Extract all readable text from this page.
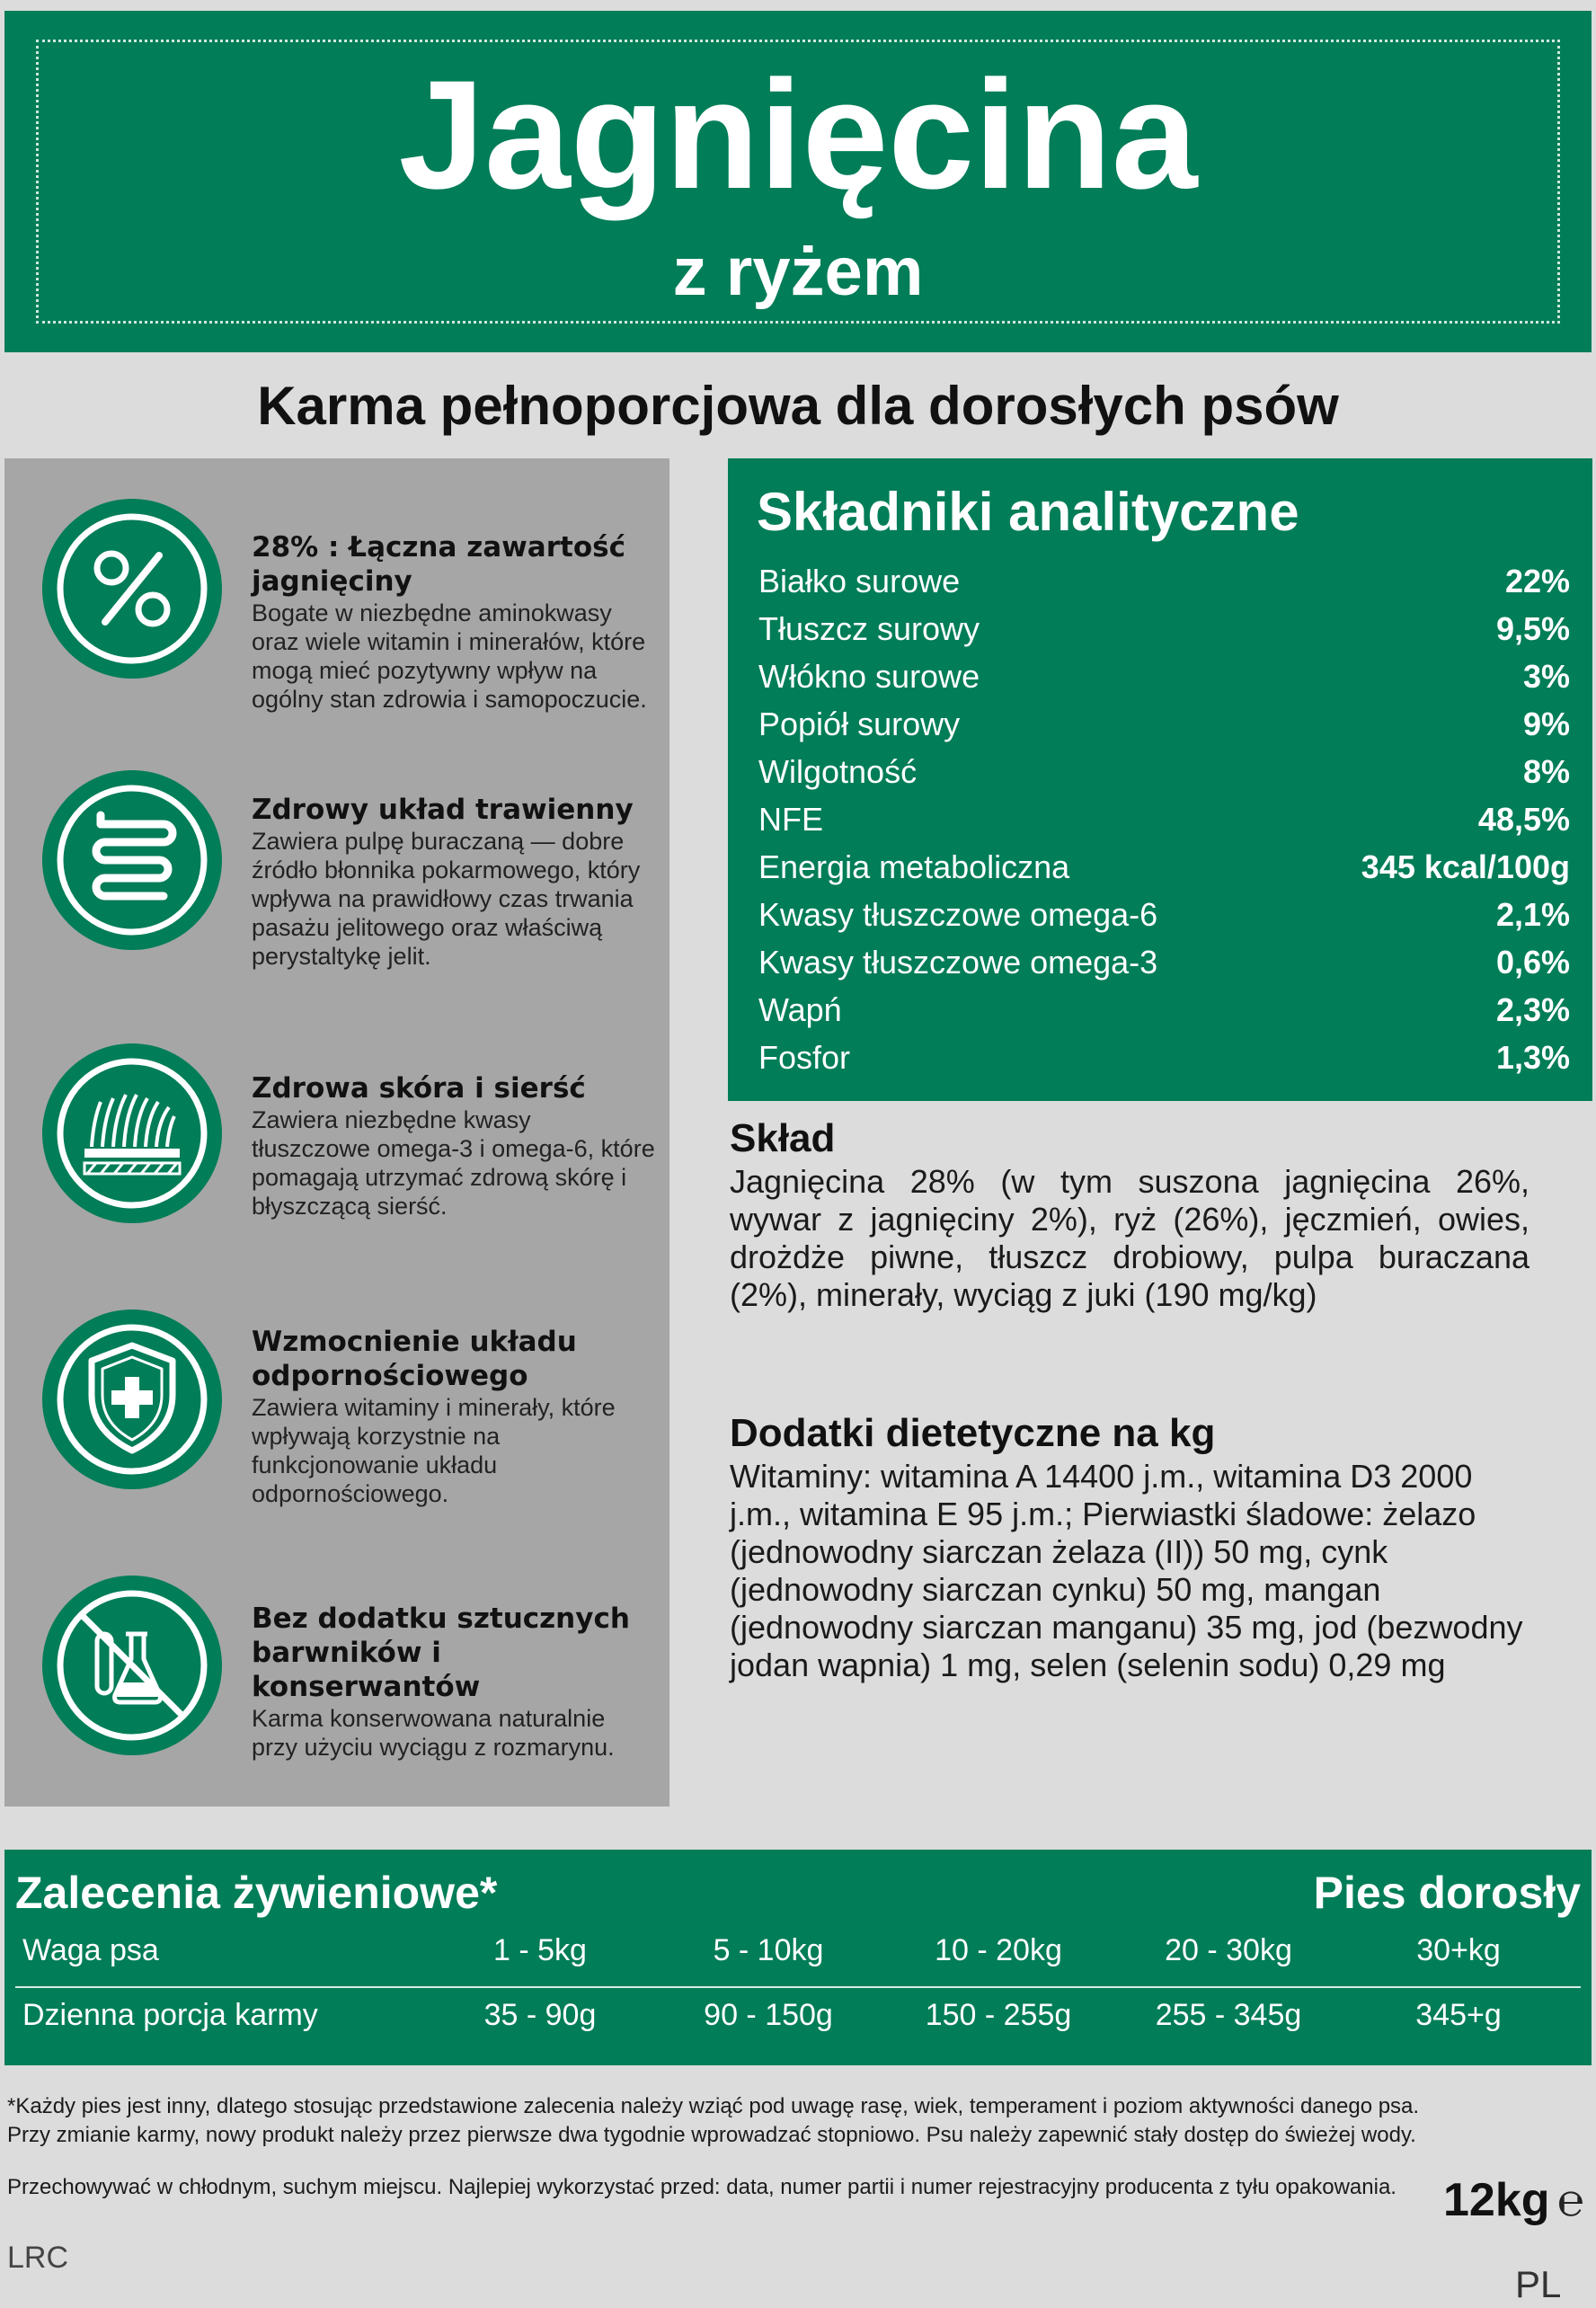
Jagnięcina
z ryżem
Karma pełnoporcjowa dla dorosłych psów
28% : Łączna zawartość jagnięciny
Bogate w niezbędne aminokwasy oraz wiele witamin i minerałów, które mogą mieć pozytywny wpływ na ogólny stan zdrowia i samopoczucie.
Zdrowy układ trawienny
Zawiera pulpę buraczaną — dobre źródło błonnika pokarmowego, który wpływa na prawidłowy czas trwania pasażu jelitowego oraz właściwą perystaltykę jelit.
Zdrowa skóra i sierść
Zawiera niezbędne kwasy tłuszczowe omega-3 i omega-6, które pomagają utrzymać zdrową skórę i błyszczącą sierść.
Wzmocnienie układu odpornościowego
Zawiera witaminy i minerały, które wpływają korzystnie na funkcjonowanie układu odpornościowego.
Bez dodatku sztucznych barwników i konserwantów
Karma konserwowana naturalnie przy użyciu wyciągu z rozmarynu.
Składniki analityczne
Białko surowe	22%
Tłuszcz surowy	9,5%
Włókno surowe	3%
Popiół surowy	9%
Wilgotność	8%
NFE	48,5%
Energia metaboliczna	345 kcal/100g
Kwasy tłuszczowe omega-6	2,1%
Kwasy tłuszczowe omega-3	0,6%
Wapń	2,3%
Fosfor	1,3%
Skład
Jagnięcina 28% (w tym suszona jagnięcina 26%, wywar z jagnięciny 2%), ryż (26%), jęczmień, owies, drożdże piwne, tłuszcz drobiowy, pulpa buraczana (2%), minerały, wyciąg z juki (190 mg/kg)
Dodatki dietetyczne na kg
Witaminy: witamina A 14400 j.m., witamina D3 2000 j.m., witamina E 95 j.m.; Pierwiastki śladowe: żelazo (jednowodny siarczan żelaza (II)) 50 mg, cynk (jednowodny siarczan cynku) 50 mg, mangan (jednowodny siarczan manganu) 35 mg, jod (bezwodny jodan wapnia) 1 mg, selen (selenin sodu) 0,29 mg
Zalecenia żywieniowe*	Pies dorosły
Waga psa	1 - 5kg	5 - 10kg	10 - 20kg	20 - 30kg	30+kg
Dzienna porcja karmy	35 - 90g	90 - 150g	150 - 255g	255 - 345g	345+g
*Każdy pies jest inny, dlatego stosując przedstawione zalecenia należy wziąć pod uwagę rasę, wiek, temperament i poziom aktywności danego psa.
Przy zmianie karmy, nowy produkt należy przez pierwsze dwa tygodnie wprowadzać stopniowo. Psu należy zapewnić stały dostęp do świeżej wody.
Przechowywać w chłodnym, suchym miejscu. Najlepiej wykorzystać przed: data, numer partii i numer rejestracyjny producenta z tyłu opakowania. 12kg ℮
LRC
PL
